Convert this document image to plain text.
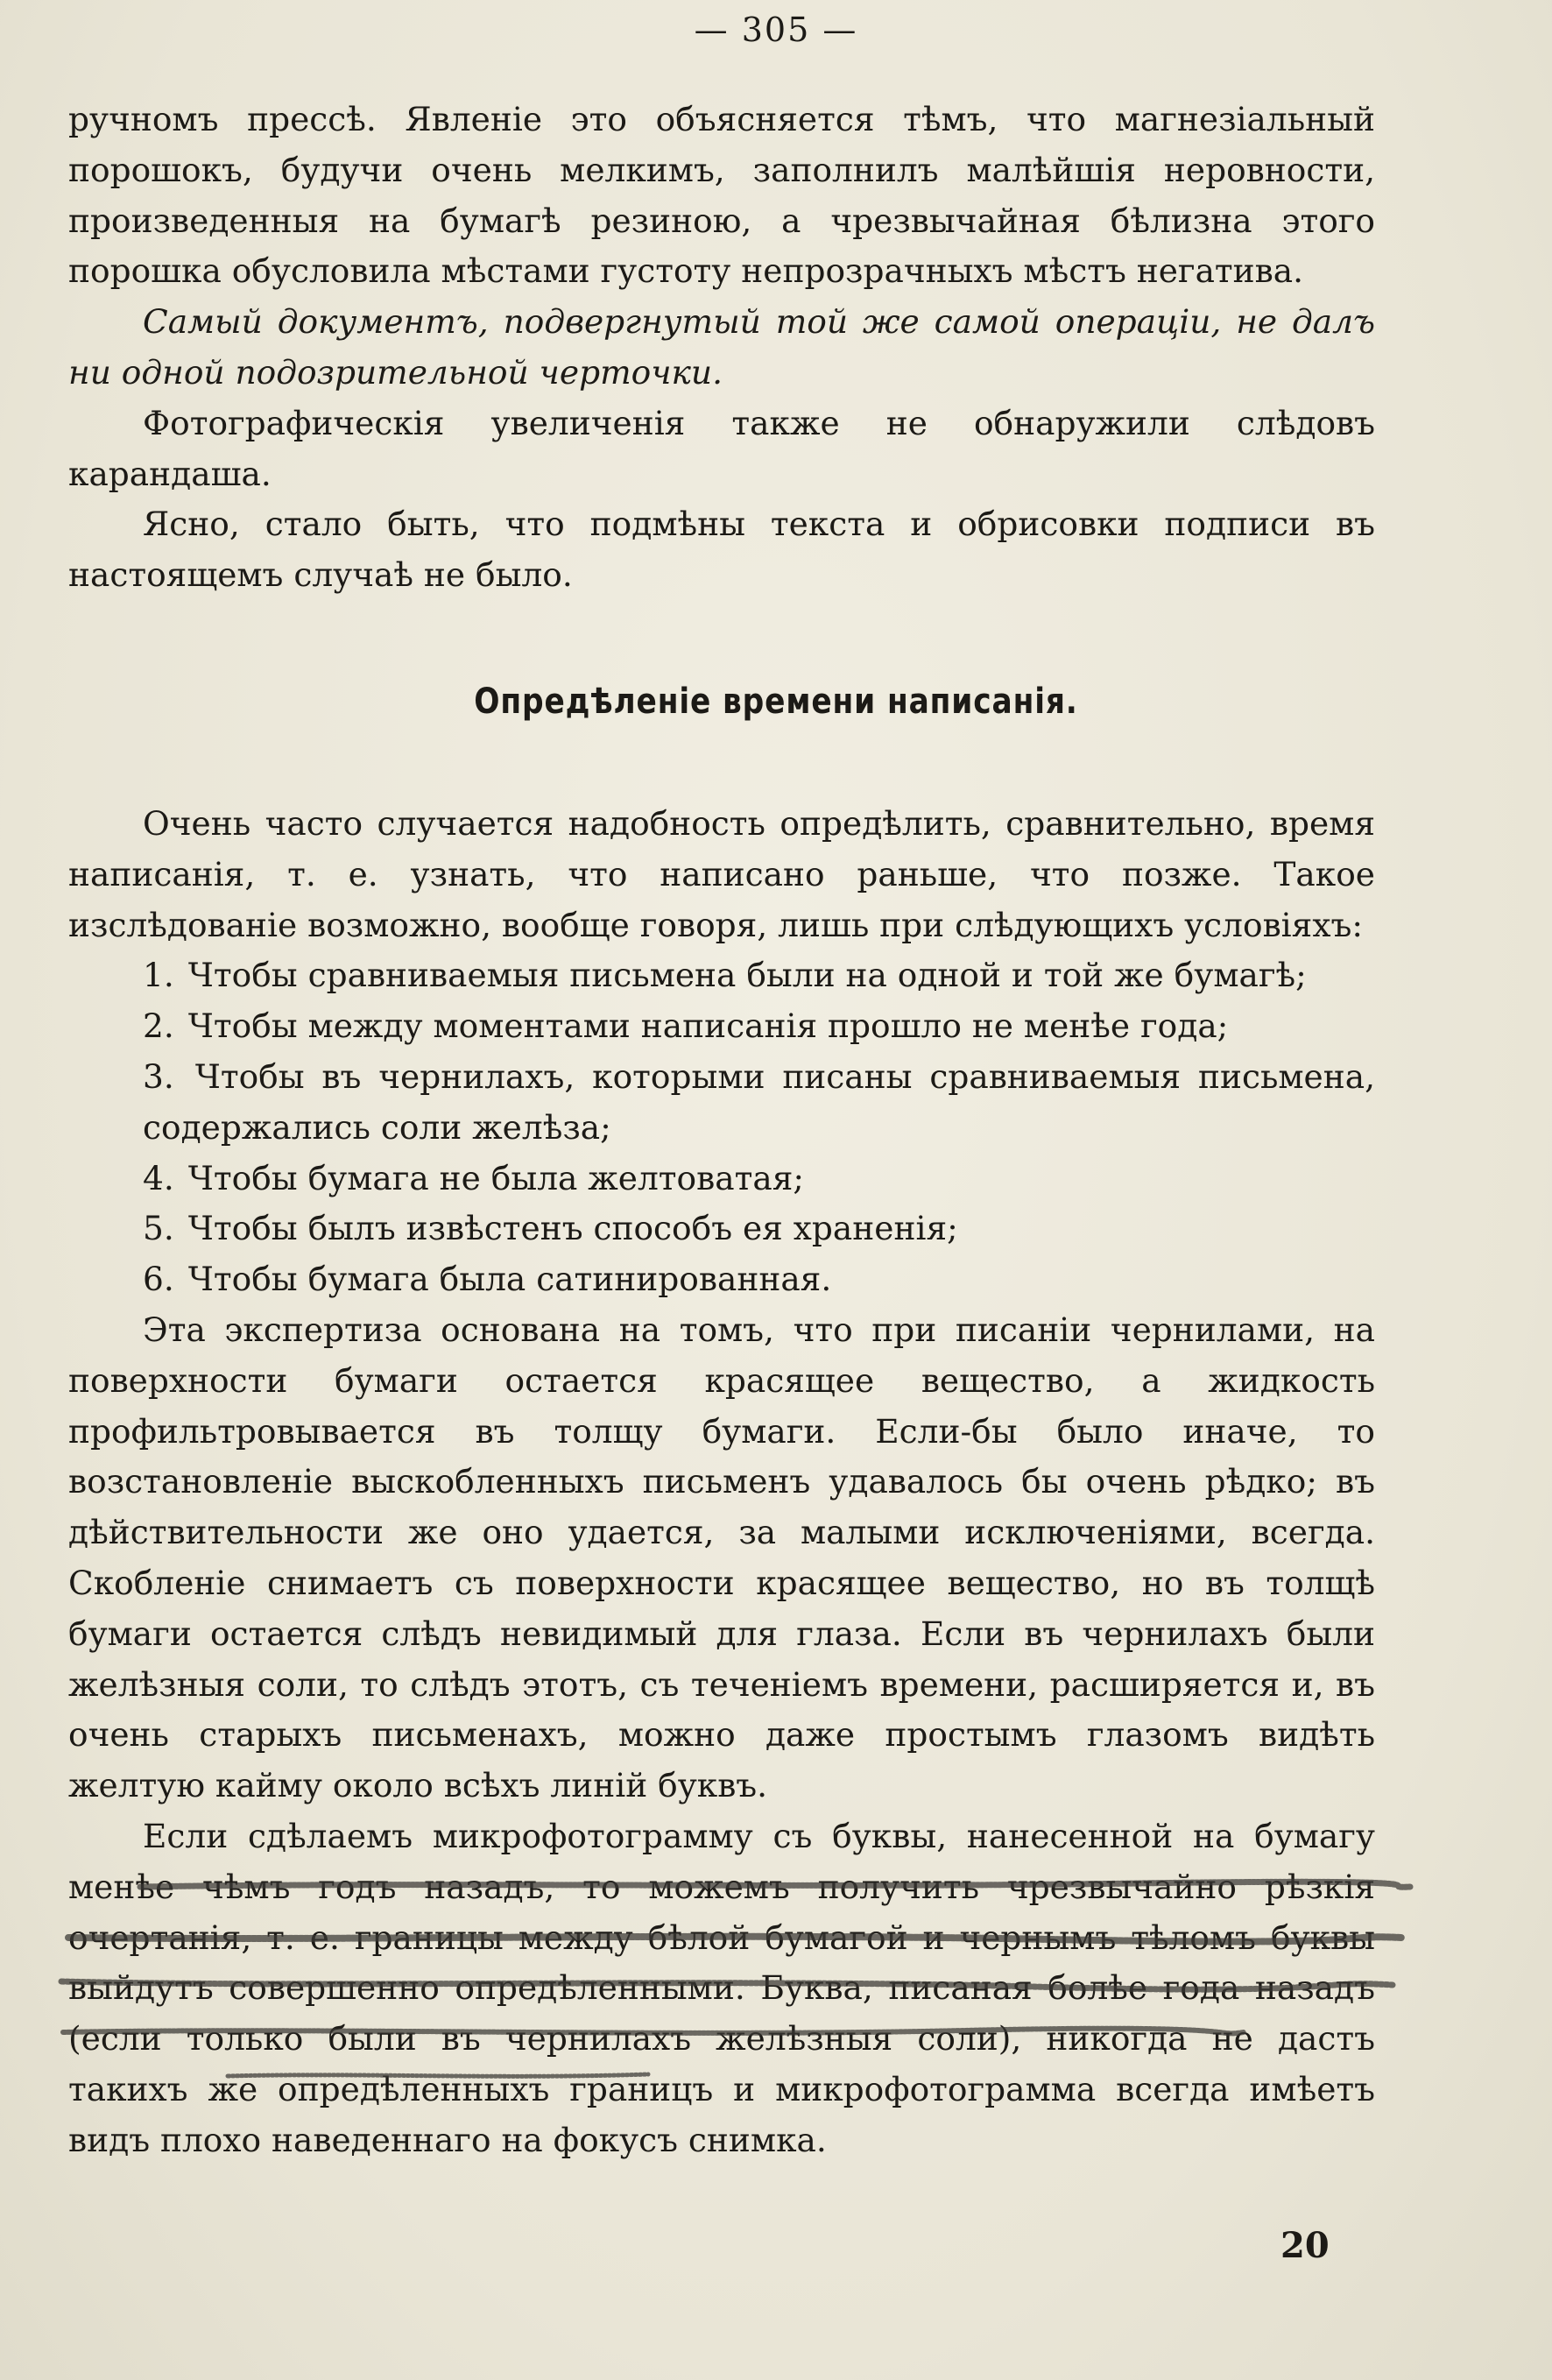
— 305 —

ручномъ прессѣ. Явленіе это объясняется тѣмъ, что магнезіальный порошокъ, будучи очень мелкимъ, заполнилъ малѣйшія неровности, произведенныя на бумагѣ резиною, а чрезвычайная бѣлизна этого порошка обусловила мѣстами густоту непрозрачныхъ мѣстъ негатива.

Самый документъ, подвергнутый той же самой операціи, не далъ ни одной подозрительной черточки.

Фотографическія увеличенія также не обнаружили слѣдовъ карандаша.

Ясно, стало быть, что подмѣны текста и обрисовки подписи въ настоящемъ случаѣ не было.

Опредѣленіе времени написанія.

Очень часто случается надобность опредѣлить, сравнительно, время написанія, т. е. узнать, что написано раньше, что позже. Такое изслѣдованіе возможно, вообще говоря, лишь при слѣдующихъ условіяхъ:

1. Чтобы сравниваемыя письмена были на одной и той же бумагѣ;

2. Чтобы между моментами написанія прошло не менѣе года;

3. Чтобы въ чернилахъ, которыми писаны сравниваемыя письмена, содержались соли желѣза;

4. Чтобы бумага не была желтоватая;

5. Чтобы былъ извѣстенъ способъ ея храненія;

6. Чтобы бумага была сатинированная.

Эта экспертиза основана на томъ, что при писаніи чернилами, на поверхности бумаги остается красящее вещество, а жидкость профильтровывается въ толщу бумаги. Если-бы было иначе, то возстановленіе выскобленныхъ письменъ удавалось бы очень рѣдко; въ дѣйствительности же оно удается, за малыми исключеніями, всегда. Скобленіе снимаетъ съ поверхности красящее вещество, но въ толщѣ бумаги остается слѣдъ невидимый для глаза. Если въ чернилахъ были желѣзныя соли, то слѣдъ этотъ, съ теченіемъ времени, расширяется и, въ очень старыхъ письменахъ, можно даже простымъ глазомъ видѣть желтую кайму около всѣхъ линій буквъ.

Если сдѣлаемъ микрофотограмму съ буквы, нанесенной на бумагу менѣе чѣмъ годъ назадъ, то можемъ получить чрезвычайно рѣзкія очертанія, т. е. границы между бѣлой бумагой и чернымъ тѣломъ буквы выйдутъ совершенно опредѣленными. Буква, писаная болѣе года назадъ (если только были въ чернилахъ желѣзныя соли), никогда не дастъ такихъ же опредѣленныхъ границъ и микрофотограмма всегда имѣетъ видъ плохо наведеннаго на фокусъ снимка.

20
